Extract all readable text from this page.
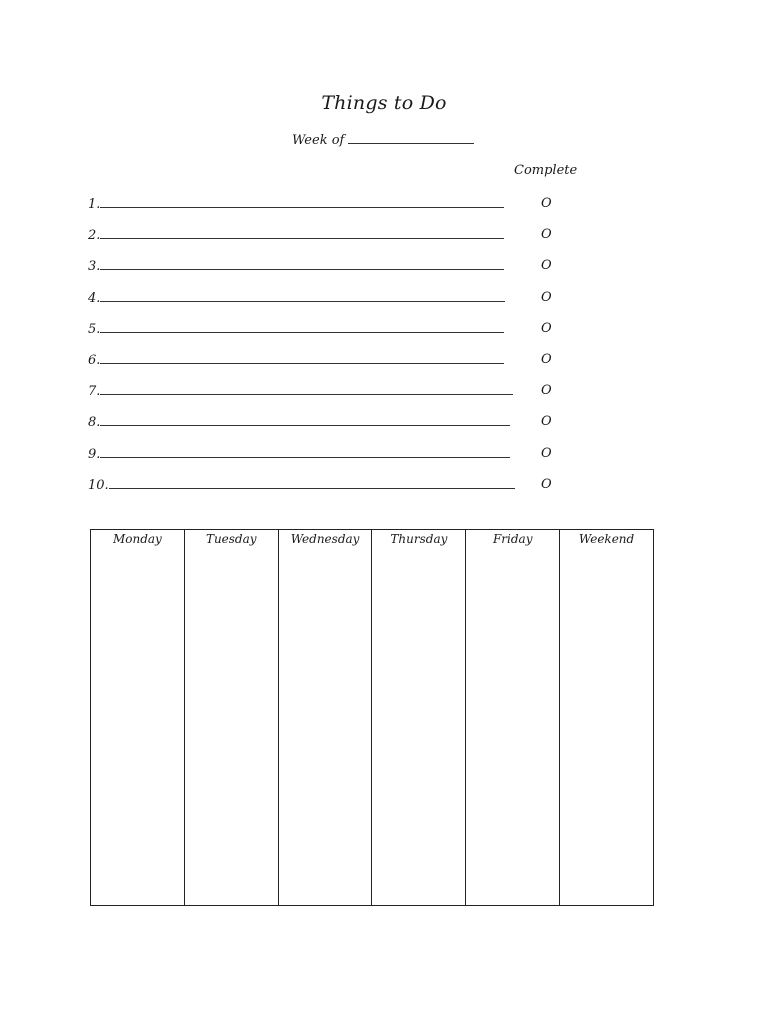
Things to Do
Week of
Complete
1.	O
2.	O
3.	O
4.	O
5.	O
6.	O
7.	O
8.	O
9.	O
10.	O
Monday	Tuesday	Wednesday	Thursday	Friday	Weekend
